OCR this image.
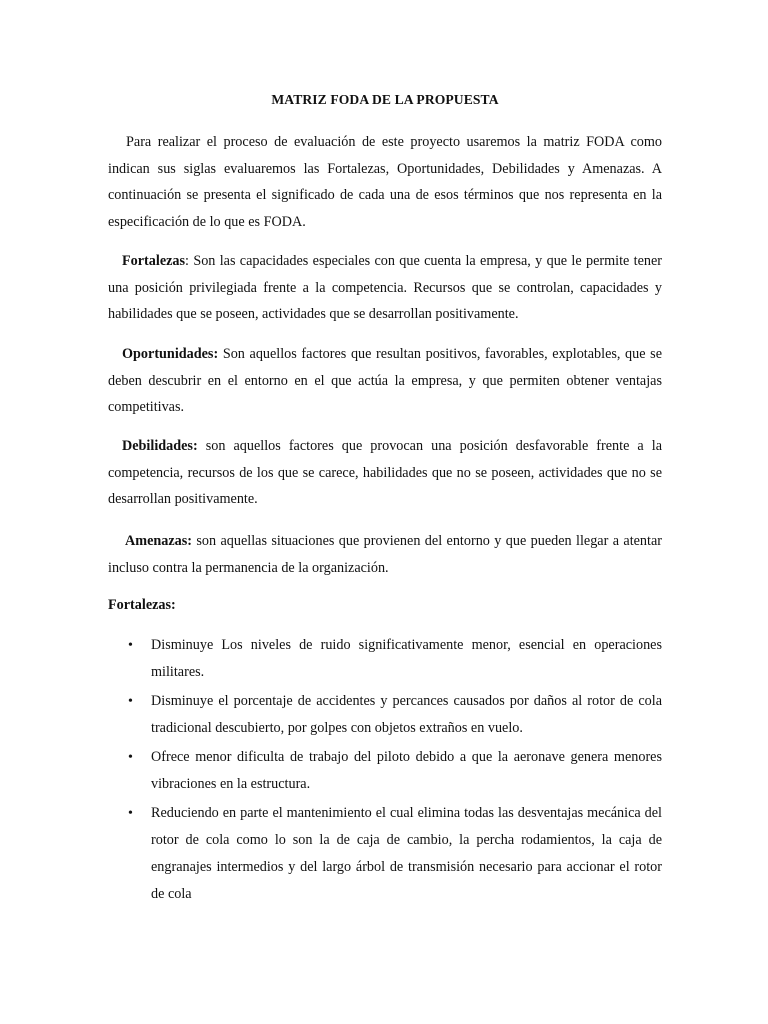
MATRIZ FODA DE LA PROPUESTA

Para realizar el proceso de evaluación de este proyecto usaremos la matriz FODA como indican sus siglas evaluaremos las Fortalezas, Oportunidades, Debilidades y Amenazas. A continuación se presenta el significado de cada una de esos términos que nos representa en la especificación de lo que es FODA.

Fortalezas: Son las capacidades especiales con que cuenta la empresa, y que le permite tener una posición privilegiada frente a la competencia. Recursos que se controlan, capacidades y habilidades que se poseen, actividades que se desarrollan positivamente.

Oportunidades: Son aquellos factores que resultan positivos, favorables, explotables, que se deben descubrir en el entorno en el que actúa la empresa, y que permiten obtener ventajas competitivas.

Debilidades: son aquellos factores que provocan una posición desfavorable frente a la competencia, recursos de los que se carece, habilidades que no se poseen, actividades que no se desarrollan positivamente.

Amenazas: son aquellas situaciones que provienen del entorno y que pueden llegar a atentar incluso contra la permanencia de la organización.

Fortalezas:

• Disminuye Los niveles de ruido significativamente menor, esencial en operaciones militares.
• Disminuye el porcentaje de accidentes y percances causados por daños al rotor de cola tradicional descubierto, por golpes con objetos extraños en vuelo.
• Ofrece menor dificulta de trabajo del piloto debido a que la aeronave genera menores vibraciones en la estructura.
• Reduciendo en parte el mantenimiento el cual elimina todas las desventajas mecánica del rotor de cola como lo son la de caja de cambio, la percha rodamientos, la caja de engranajes intermedios y del largo árbol de transmisión necesario para accionar el rotor de cola
